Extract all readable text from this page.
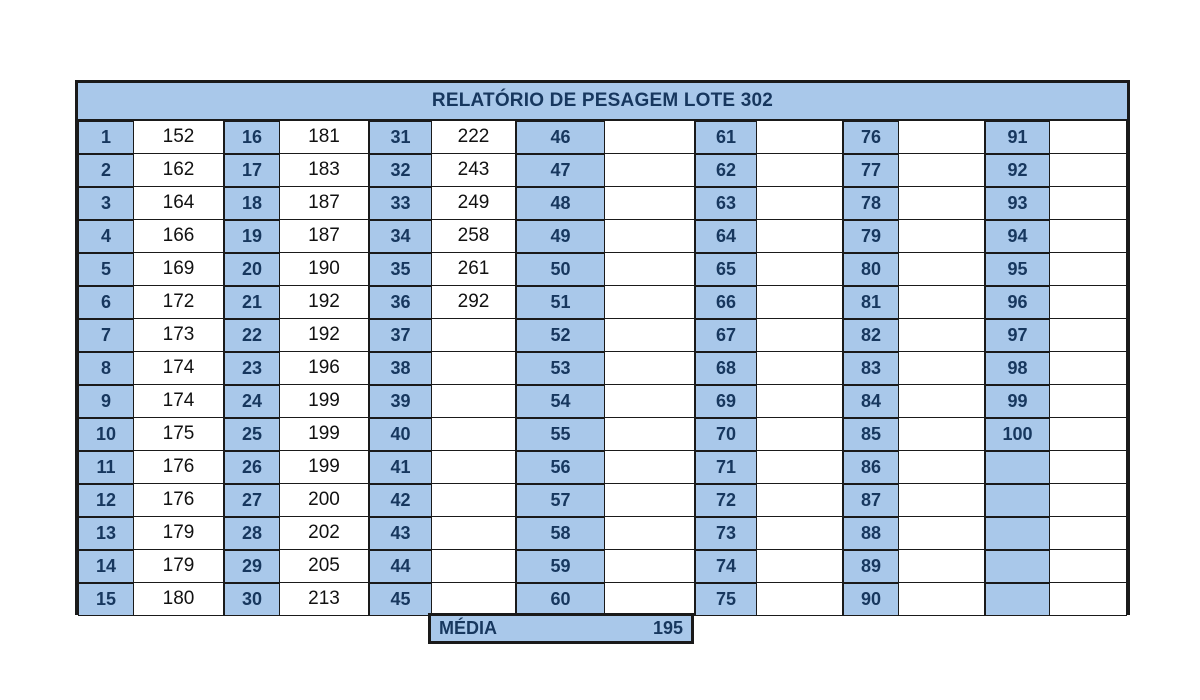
RELATÓRIO DE PESAGEM LOTE 302
1	152
2	162
3	164
4	166
5	169
6	172
7	173
8	174
9	174
10	175
11	176
12	176
13	179
14	179
15	180
16	181
17	183
18	187
19	187
20	190
21	192
22	192
23	196
24	199
25	199
26	199
27	200
28	202
29	205
30	213
31	222
32	243
33	249
34	258
35	261
36	292
37
38
39
40
41
42
43
44
45
46
47
48
49
50
51
52
53
54
55
56
57
58
59
60
61
62
63
64
65
66
67
68
69
70
71
72
73
74
75
76
77
78
79
80
81
82
83
84
85
86
87
88
89
90
91
92
93
94
95
96
97
98
99
100
MÉDIA	195
